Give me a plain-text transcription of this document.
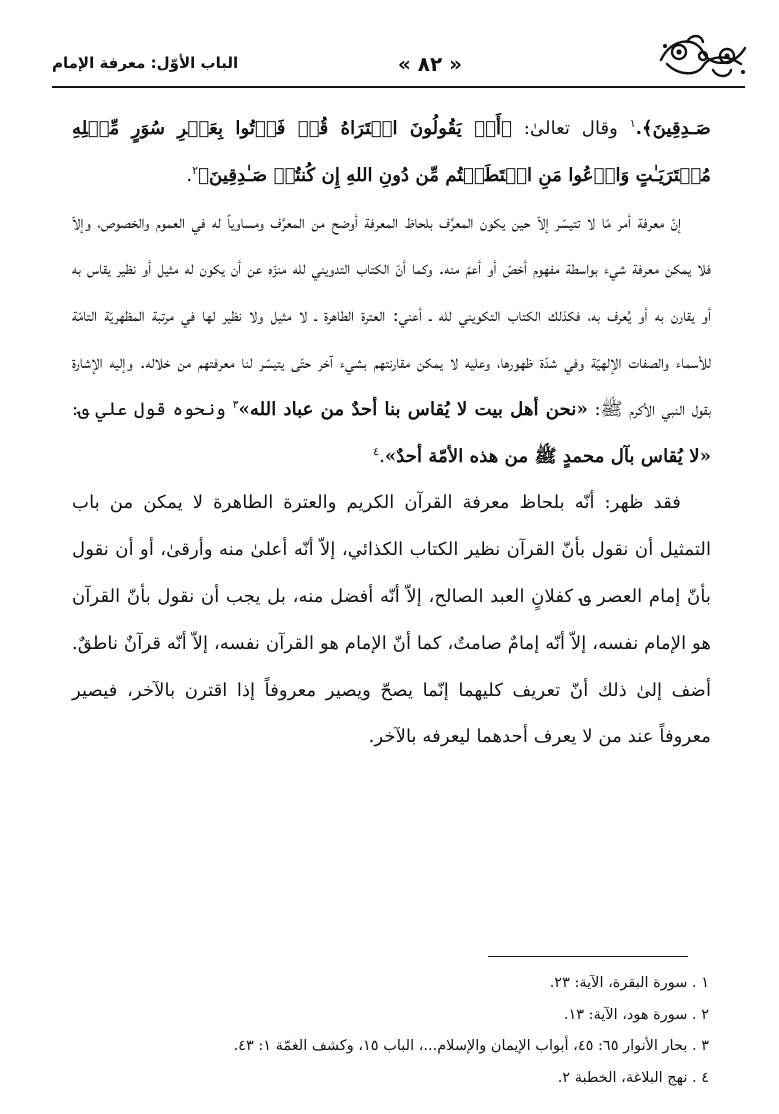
« ٨٢ »
الباب الأوّل: معرفة الإمام

صَـدِقِينَ﴾.$^١$ وقال تعالىٰ: ﴿أَمۡ يَقُولُونَ افۡتَرَاهُ قُلۡ فَأۡتُوا بِعَشۡرِ سُوَرٍ مِّثۡلِهِ مُفۡتَرَيَـٰتٍ وَادۡعُوا مَنِ اسۡتَطَعۡتُم مِّن دُونِ اللهِ إِن كُنتُمۡ صَـٰدِقِينَ﴾$^٢$.

إنّ معرفة أمر مّا لا تتيسّر إلاّ حين يكون المعرِّف بلحاظ المعرفة أوضح من المعرَّف ومساوياً له في العموم والخصوص، وإلاّ فلا يمكن معرفة شيء بواسطة مفهوم أخصّ أو أعمّ منه. وكما أنّ الكتاب التدويني لله منزّه عن أن يكون له مثيل أو نظير يقاس به أو يقارن به أو يُعرف به، فكذلك الكتاب التكويني لله ـ أعني: العترة الطاهرة ـ لا مثيل ولا نظير لها في مرتبة المظهريّة التامّة للأسماء والصفات الإلهيّة وفي شدّة ظهورها، وعليه لا يمكن مقارنتهم بشيء آخر حتّى يتيسّر لنا معرفتهم من خلاله. وإليه الإشارة بقول النبي الأكرم ﷺ: «نحن أهل بيت لا يُقاس بنا أحدٌ من عباد الله»$^٣$ ونحوه قول علي ؈: «لا يُقاس بآل محمدٍ ﷺ من هذه الأمّة أحدٌ».$^٤$

فقد ظهر: أنّه بلحاظ معرفة القرآن الكريم والعترة الطاهرة لا يمكن من باب التمثيل أن نقول بأنّ القرآن نظير الكتاب الكذائي، إلاّ أنّه أعلىٰ منه وأرقىٰ، أو أن نقول بأنّ إمام العصر ؈ كفلانٍ العبد الصالح، إلاّ أنّه أفضل منه، بل يجب أن نقول بأنّ القرآن هو الإمام نفسه، إلاّ أنّه إمامٌ صامتٌ، كما أنّ الإمام هو القرآن نفسه، إلاّ أنّه قرآنٌ ناطقٌ. أضف إلىٰ ذلك أنّ تعريف كليهما إنّما يصحّ ويصير معروفاً إذا اقترن بالآخر، فيصير معروفاً عند من لا يعرف أحدهما ليعرفه بالآخر.

١ . سورة البقرة، الآية: ٢٣.
٢ . سورة هود، الآية: ١٣.
٣ . بحار الأنوار ٦٥: ٤٥، أبواب الإيمان والإسلام...، الباب ١٥، وكشف الغمّة ١: ٤٣.
٤ . نهج البلاغة، الخطبة ٢.
